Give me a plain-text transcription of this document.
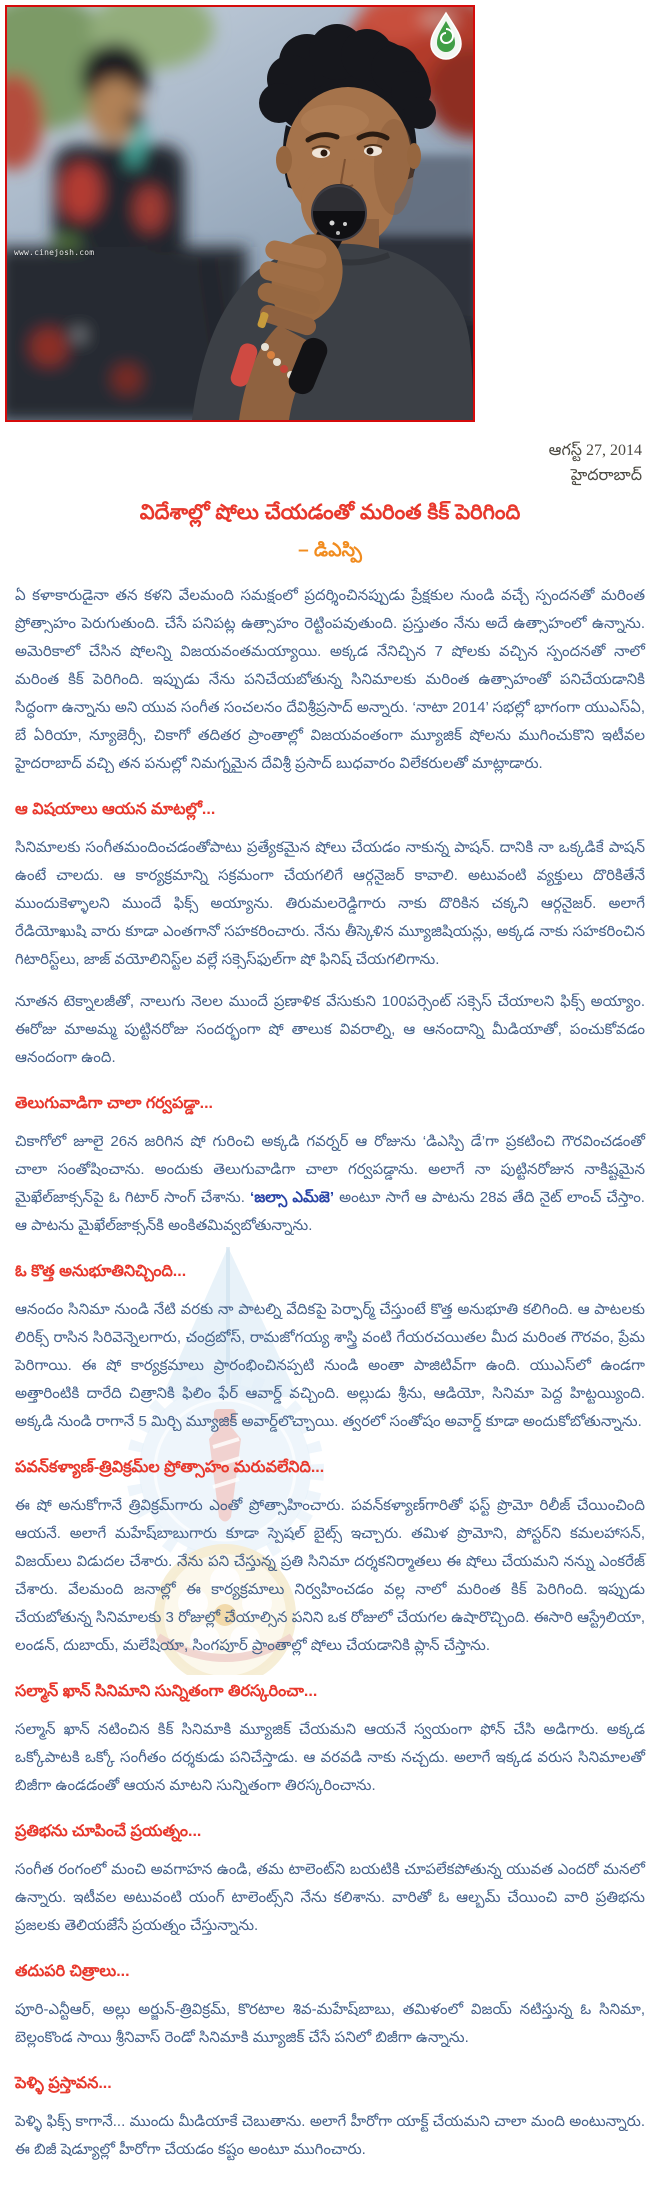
www.cinejosh.com
ఆగస్ట్ 27, 2014
హైదరాబాద్
విదేశాల్లో షోలు చేయడంతో మరింత కిక్ పెరిగింది
– డిఎస్పి

ఏ కళాకారుడైనా తన కళని వేలమంది సమక్షంలో ప్రదర్శించినప్పుడు ప్రేక్షకుల నుండి వచ్చే స్పందనతో మరింత ప్రోత్సాహం పెరుగుతుంది. చేసే పనిపట్ల ఉత్సాహం రెట్టింపవుతుంది. ప్రస్తుతం నేను అదే ఉత్సాహంలో ఉన్నాను. అమెరికాలో చేసిన షోలన్ని విజయవంతమయ్యాయి. అక్కడ నేనిచ్చిన 7 షోలకు వచ్చిన స్పందనతో నాలో మరింత కిక్ పెరిగింది. ఇప్పుడు నేను పనిచేయబోతున్న సినిమాలకు మరింత ఉత్సాహంతో పనిచేయడానికి సిద్ధంగా ఉన్నాను అని యువ సంగీత సంచలనం దేవిశ్రీప్రసాద్ అన్నారు. ‘నాటా 2014’ సభల్లో భాగంగా యుఎస్ఏ, బే ఏరియా, న్యూజెర్సీ, చికాగో తదితర ప్రాంతాల్లో విజయవంతంగా మ్యూజిక్ షోలను ముగించుకొని ఇటీవల హైదరాబాద్ వచ్చి తన పనుల్లో నిమగ్నమైన దేవిశ్రీ ప్రసాద్ బుధవారం విలేకరులతో మాట్లాడారు.

ఆ విషయాలు ఆయన మాటల్లో...

సినిమాలకు సంగీతమందించడంతోపాటు ప్రత్యేకమైన షోలు చేయడం నాకున్న పాషన్. దానికి నా ఒక్కడికే పాషన్ ఉంటే చాలదు. ఆ కార్యక్రమాన్ని సక్రమంగా చేయగలిగే ఆర్గనైజర్ కావాలి. అటువంటి వ్యక్తులు దొరికితేనే ముందుకెళ్ళాలని ముందే ఫిక్స్ అయ్యాను. తిరుమలరెడ్డిగారు నాకు దొరికిన చక్కని ఆర్గనైజర్. అలాగే రేడియోఖుషి వారు కూడా ఎంతగానో సహకరించారు. నేను తీస్కెళిన మ్యూజిషియన్లు, అక్కడ నాకు సహకరించిన గిటారిస్ట్‌లు, జాజ్ వయోలినిస్ట్‌ల వల్లే సక్సెస్‌ఫుల్‌గా షో ఫినిష్ చేయగలిగాను.

నూతన టెక్నాలజీతో, నాలుగు నెలల ముందే ప్రణాళిక వేసుకుని 100పర్సెంట్ సక్సెస్ చేయాలని ఫిక్స్ అయ్యాం. ఈరోజు మాఅమ్మ పుట్టినరోజు సందర్భంగా షో తాలుక వివరాల్ని, ఆ ఆనందాన్ని మీడియాతో, పంచుకోవడం ఆనందంగా ఉంది.

తెలుగువాడిగా చాలా గర్వపడ్డా...

చికాగోలో జూలై 26న జరిగిన షో గురించి అక్కడి గవర్నర్ ఆ రోజును ‘డిఎస్పి డే’గా ప్రకటించి గౌరవించడంతో చాలా సంతోషించాను. అందుకు తెలుగువాడిగా చాలా గర్వపడ్డాను. అలాగే నా పుట్టినరోజున నాకిష్టమైన మైఖేల్‌జాక్సన్‌పై ఓ గిటార్ సాంగ్ చేశాను. ‘జల్సా ఎమ్‌జె’ అంటూ సాగే ఆ పాటను 28వ తేది నైట్ లాంచ్ చేస్తాం. ఆ పాటను మైఖేల్‌జాక్సన్‌కి అంకితమివ్వబోతున్నాను.

ఓ కొత్త అనుభూతినిచ్చింది...

ఆనందం సినిమా నుండి నేటి వరకు నా పాటల్ని వేదికపై పెర్ఫార్మ్ చేస్తుంటే కొత్త అనుభూతి కలిగింది. ఆ పాటలకు లిరిక్స్ రాసిన సిరివెన్నెలగారు, చంద్రబోస్, రామజోగయ్య శాస్త్రి వంటి గేయరచయితల మీద మరింత గౌరవం, ప్రేమ పెరిగాయి. ఈ షో కార్యక్రమాలు ప్రారంభించినప్పటి నుండి అంతా పాజిటివ్‌గా ఉంది. యుఎస్‌లో ఉండగా అత్తారింటికి దారేది చిత్రానికి ఫిలిం ఫేర్ ఆవార్డ్ వచ్చింది. అల్లుడు శ్రీను, ఆడియో, సినిమా పెద్ద హిట్టయ్యింది. అక్కడి నుండి రాగానే 5 మిర్చి మ్యూజిక్ అవార్డ్‌లొచ్చాయి. త్వరలో సంతోషం అవార్డ్ కూడా అందుకోబోతున్నాను.

పవన్‌కళ్యాణ్-త్రివిక్రమ్‌ల ప్రోత్సాహం మరువలేనిది...

ఈ షో అనుకోగానే త్రివిక్రమ్‌గారు ఎంతో ప్రోత్సాహించారు. పవన్‌కళ్యాణ్‌గారితో ఫస్ట్ ప్రొమో రిలీజ్ చేయించింది ఆయనే. అలాగే మహేష్‌బాబుగారు కూడా స్పెషల్ బైట్స్ ఇచ్చారు. తమిళ ప్రొమోని, పోస్టర్‌ని కమలహాసన్, విజయ్‌లు విడుదల చేశారు. నేను పని చేస్తున్న ప్రతి సినిమా దర్శకనిర్మాతలు ఈ షోలు చేయమని నన్ను ఎంకరేజ్ చేశారు. వేలమంది జనాల్లో ఈ కార్యక్రమాలు నిర్వహించడం వల్ల నాలో మరింత కిక్ పెరిగింది. ఇప్పుడు చేయబోతున్న సినిమాలకు 3 రోజుల్లో చేయాల్సిన పనిని ఒక రోజులో చేయగల ఉషారొచ్చింది. ఈసారి ఆస్ట్రేలియా, లండన్, దుబాయ్, మలేషియా, సింగపూర్ ప్రాంతాల్లో షోలు చేయడానికి ప్లాన్ చేస్తాను.

సల్మాన్ ఖాన్ సినిమాని సున్నితంగా తిరస్కరించా...

సల్మాన్ ఖాన్ నటించిన కిక్ సినిమాకి మ్యూజిక్ చేయమని ఆయనే స్వయంగా ఫోన్ చేసి అడిగారు. అక్కడ ఒక్కోపాటకి ఒక్కో సంగీతం దర్శకుడు పనిచేస్తాడు. ఆ వరవడి నాకు నచ్చదు. అలాగే ఇక్కడ వరుస సినిమాలతో బిజీగా ఉండడంతో ఆయన మాటని సున్నితంగా తిరస్కరించాను.

ప్రతిభను చూపించే ప్రయత్నం...

సంగీత రంగంలో మంచి అవగాహన ఉండి, తమ టాలెంట్‌ని బయటికి చూపలేకపోతున్న యువత ఎందరో మనలో ఉన్నారు. ఇటీవల అటువంటి యంగ్ టాలెంట్స్‌ని నేను కలిశాను. వారితో ఓ ఆల్బమ్ చేయించి వారి ప్రతిభను ప్రజలకు తెలియజేసే ప్రయత్నం చేస్తున్నాను.

తదుపరి చిత్రాలు...

పూరి-ఎన్టీఆర్, అల్లు అర్జున్-త్రివిక్రమ్, కొరటాల శివ-మహేష్‌బాబు, తమిళంలో విజయ్ నటిస్తున్న ఓ సినిమా, బెల్లంకొండ సాయి శ్రీనివాస్ రెండో సినిమాకి మ్యూజిక్ చేసే పనిలో బిజీగా ఉన్నాను.

పెళ్ళి ప్రస్తావన...

పెళ్ళి ఫిక్స్ కాగానే... ముందు మీడియాకే చెబుతాను. అలాగే హీరోగా యాక్ట్ చేయమని చాలా మంది అంటున్నారు. ఈ బిజీ షెడ్యూల్లో హీరోగా చేయడం కష్టం అంటూ ముగించారు.
